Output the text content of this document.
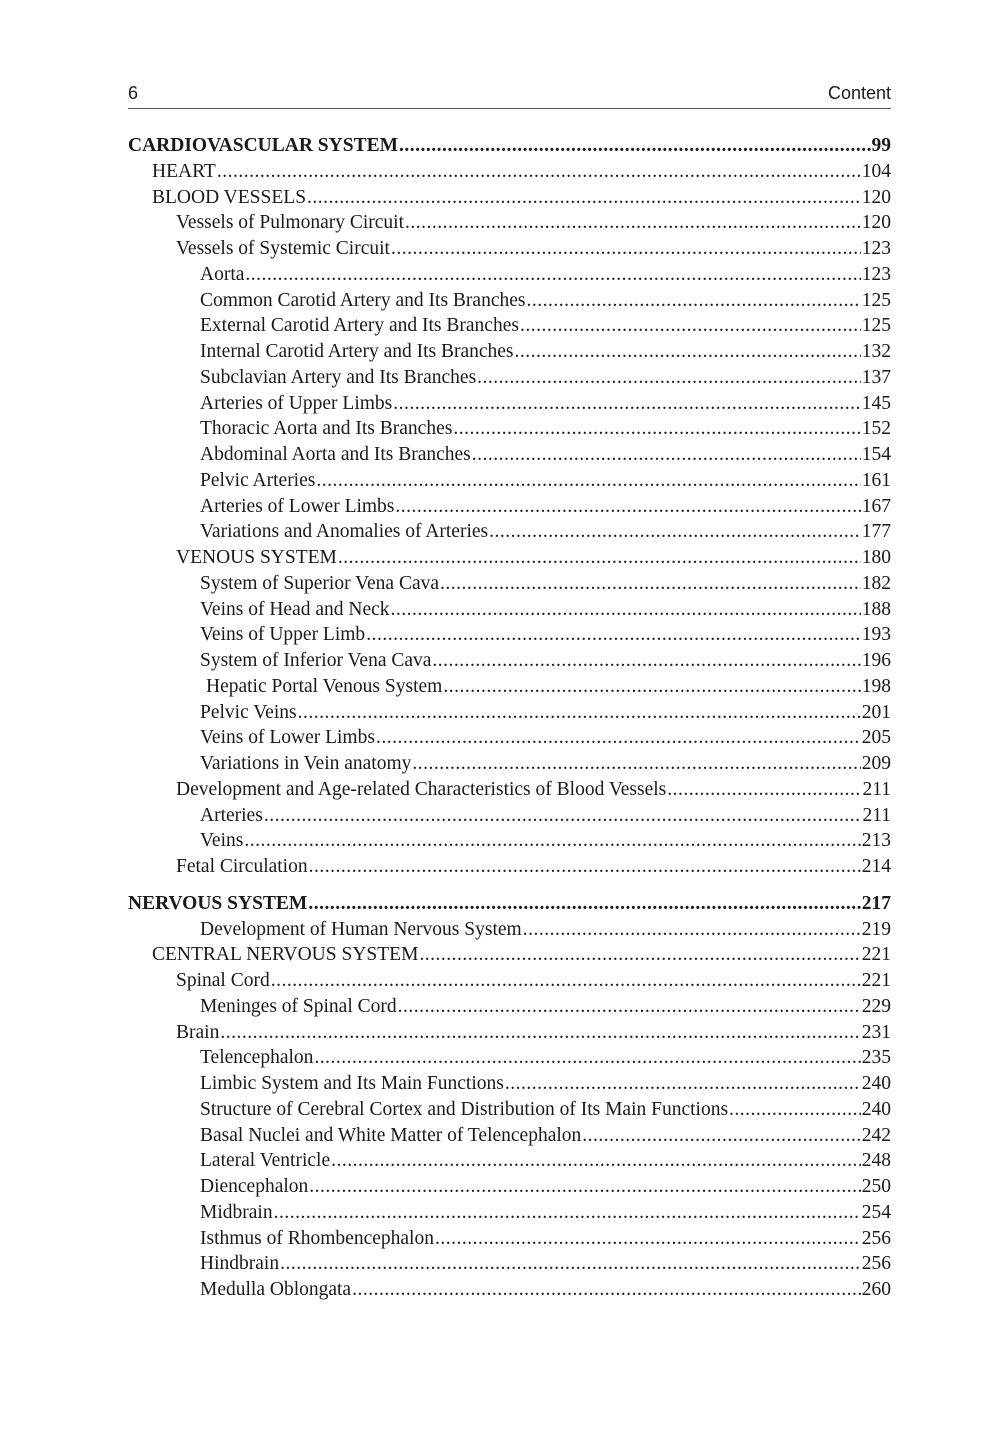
6	Content
CARDIOVASCULAR SYSTEM .....	99
HEART .....	104
BLOOD VESSELS .....	120
Vessels of Pulmonary Circuit .....	120
Vessels of Systemic Circuit .....	123
Aorta .....	123
Common Carotid Artery and Its Branches .....	125
External Carotid Artery and Its Branches .....	125
Internal Carotid Artery and Its Branches .....	132
Subclavian Artery and Its Branches .....	137
Arteries of Upper Limbs .....	145
Thoracic Aorta and Its Branches .....	152
Abdominal Aorta and Its Branches .....	154
Pelvic Arteries .....	161
Arteries of Lower Limbs .....	167
Variations and Anomalies of Arteries .....	177
VENOUS SYSTEM .....	180
System of Superior Vena Cava .....	182
Veins of Head and Neck .....	188
Veins of Upper Limb .....	193
System of Inferior Vena Cava .....	196
Hepatic Portal Venous System .....	198
Pelvic Veins .....	201
Veins of Lower Limbs .....	205
Variations in Vein anatomy .....	209
Development and Age-related Characteristics of Blood Vessels .....	211
Arteries .....	211
Veins .....	213
Fetal Circulation .....	214
NERVOUS SYSTEM .....	217
Development of Human Nervous System .....	219
CENTRAL NERVOUS SYSTEM .....	221
Spinal Cord .....	221
Meninges of Spinal Cord .....	229
Brain .....	231
Telencephalon .....	235
Limbic System and Its Main Functions .....	240
Structure of Cerebral Cortex and Distribution of Its Main Functions .....	240
Basal Nuclei and White Matter of Telencephalon .....	242
Lateral Ventricle .....	248
Diencephalon .....	250
Midbrain .....	254
Isthmus of Rhombencephalon .....	256
Hindbrain .....	256
Medulla Oblongata .....	260
